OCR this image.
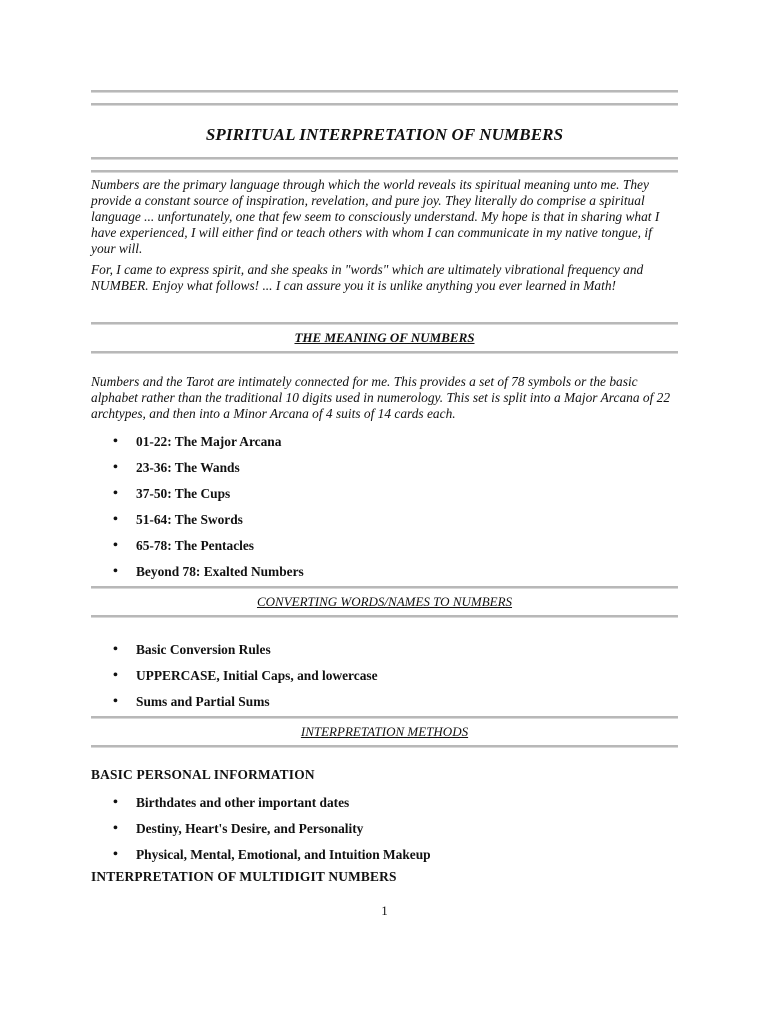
SPIRITUAL INTERPRETATION OF NUMBERS

Numbers are the primary language through which the world reveals its spiritual meaning unto me. They provide a constant source of inspiration, revelation, and pure joy. They literally do comprise a spiritual language ... unfortunately, one that few seem to consciously understand. My hope is that in sharing what I have experienced, I will either find or teach others with whom I can communicate in my native tongue, if your will.

For, I came to express spirit, and she speaks in "words" which are ultimately vibrational frequency and NUMBER. Enjoy what follows! ... I can assure you it is unlike anything you ever learned in Math!

THE MEANING OF NUMBERS
Numbers and the Tarot are intimately connected for me. This provides a set of 78 symbols or the basic alphabet rather than the traditional 10 digits used in numerology. This set is split into a Major Arcana of 22 archtypes, and then into a Minor Arcana of 4 suits of 14 cards each.
• 01-22: The Major Arcana
• 23-36: The Wands
• 37-50: The Cups
• 51-64: The Swords
• 65-78: The Pentacles
• Beyond 78: Exalted Numbers
CONVERTING WORDS/NAMES TO NUMBERS
• Basic Conversion Rules
• UPPERCASE, Initial Caps, and lowercase
• Sums and Partial Sums
INTERPRETATION METHODS
BASIC PERSONAL INFORMATION
• Birthdates and other important dates
• Destiny, Heart's Desire, and Personality
• Physical, Mental, Emotional, and Intuition Makeup
INTERPRETATION OF MULTIDIGIT NUMBERS
1
